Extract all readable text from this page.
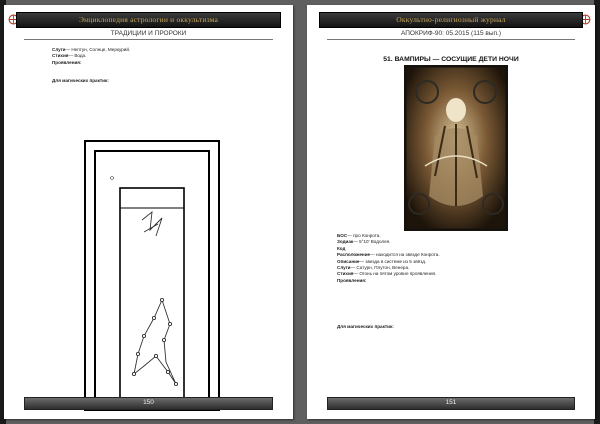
Энциклопедия астрологии и оккультизма
ТРАДИЦИИ И ПРОРОКИ

Слуги— Нептун, Солнце, Меркурий.

Стихия— Вода.

Проявления:

Для магических практик:

150
Оккультно-религиозный журнал
АПОКРИФ-90: 05.2015 (115 вып.)
51. ВАМПИРЫ — СОСУЩИЕ ДЕТИ НОЧИ

БОС— про Конрота.

Зодиак— 5°10' Водолея.

Код

Расположение— находится на звезде Конрота.

Описание— звезда в системе из 5 звёзд.

Слуги— Сатурн, Плутон, Венера.

Стихия— Огонь на пятом уровне проявления.

Проявления:

Для магических практик:

151
